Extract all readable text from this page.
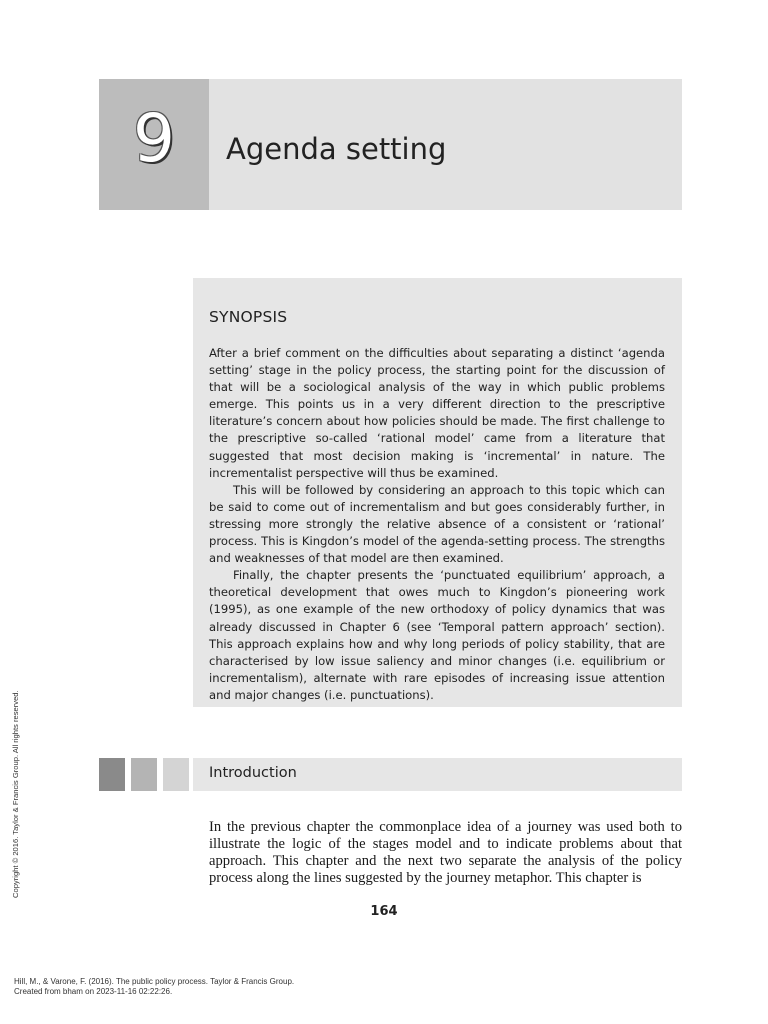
9	Agenda setting
SYNOPSIS

After a brief comment on the difficulties about separating a distinct ‘agenda setting’ stage in the policy process, the starting point for the discussion of that will be a sociological analysis of the way in which public problems emerge. This points us in a very different direction to the prescriptive literature’s concern about how policies should be made. The first challenge to the prescriptive so-called ‘rational model’ came from a literature that suggested that most decision making is ‘incremental’ in nature. The incrementalist perspective will thus be examined.

This will be followed by considering an approach to this topic which can be said to come out of incrementalism and but goes considerably further, in stressing more strongly the relative absence of a consistent or ‘rational’ process. This is Kingdon’s model of the agenda-setting process. The strengths and weaknesses of that model are then examined.

Finally, the chapter presents the ‘punctuated equilibrium’ approach, a theoretical development that owes much to Kingdon’s pioneering work (1995), as one example of the new orthodoxy of policy dynamics that was already discussed in Chapter 6 (see ‘Temporal pattern approach’ section). This approach explains how and why long periods of policy stability, that are characterised by low issue saliency and minor changes (i.e. equilibrium or incrementalism), alternate with rare episodes of increasing issue attention and major changes (i.e. punctuations).

Introduction

In the previous chapter the commonplace idea of a journey was used both to illustrate the logic of the stages model and to indicate problems about that approach. This chapter and the next two separate the analysis of the policy process along the lines suggested by the journey metaphor. This chapter is

164
Copyright © 2016. Taylor & Francis Group. All rights reserved.
Hill, M., & Varone, F. (2016). The public policy process. Taylor & Francis Group.
Created from bham on 2023-11-16 02:22:26.
